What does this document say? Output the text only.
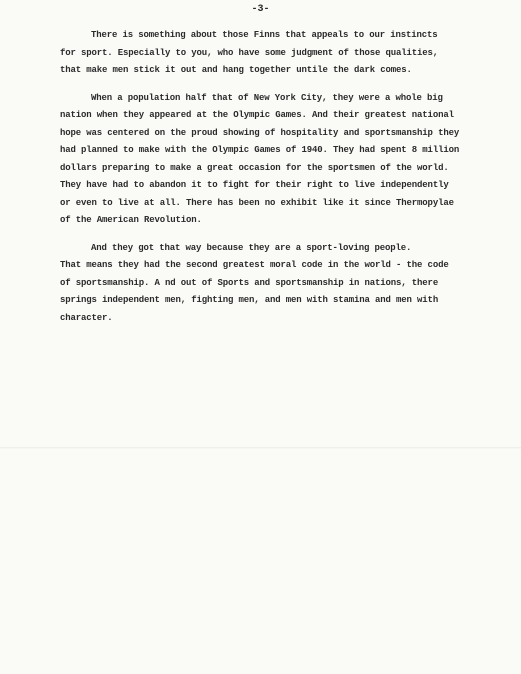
-3-
There is something about those Finns that appeals to our instincts
for sport. Especially to you, who have some judgment of those qualities,
that make men stick it out and hang together untile the dark comes.
When a population half that of New York City, they were a whole big
nation when they appeared at the Olympic Games. And their greatest national
hope was centered on the proud showing of hospitality and sportsmanship they
had planned to make with the Olympic Games of 1940. They had spent 8 million
dollars preparing to make a great occasion for the sportsmen of the world.
They have had to abandon it to fight for their right to live independently
or even to live at all. There has been no exhibit like it since Thermopylae
of the American Revolution.
And they got that way because they are a sport-loving people.
That means they had the second greatest moral code in the world - the code
of sportsmanship. A nd out of Sports and sportsmanship in nations, there
springs independent men, fighting men, and men with stamina and men with
character.
